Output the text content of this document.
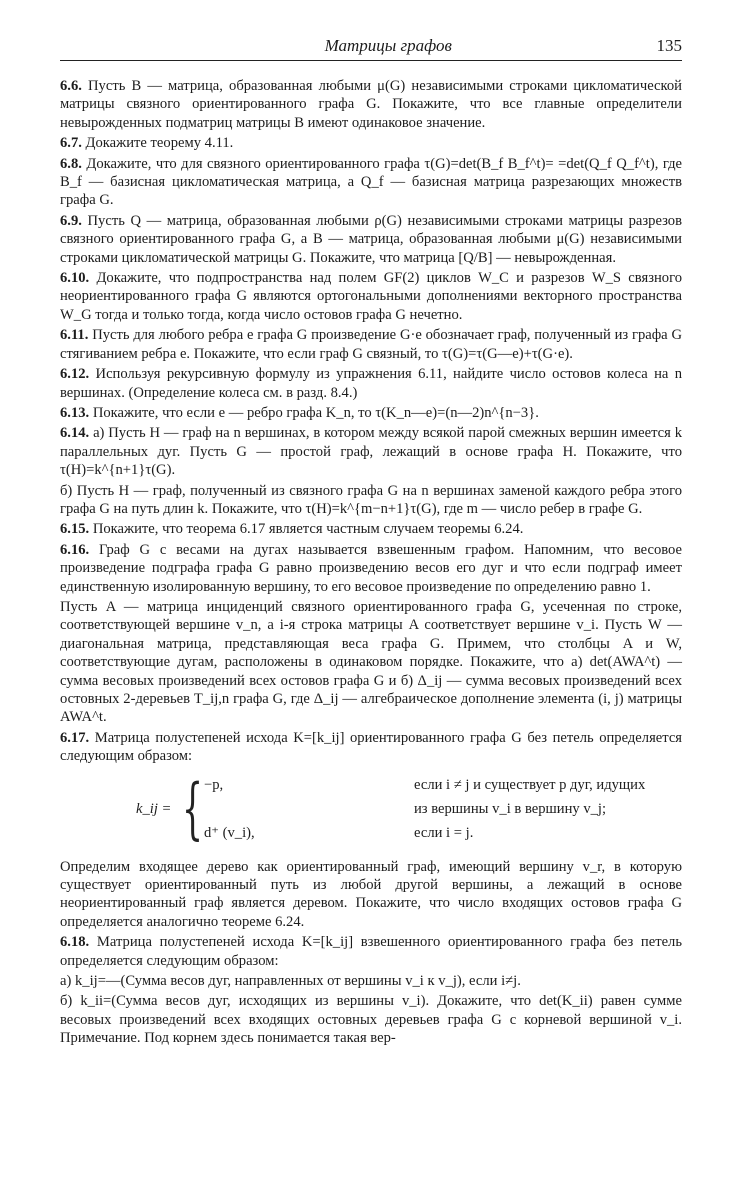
Матрицы графов	135

6.6. Пусть B — матрица, образованная любыми μ(G) независимыми строками цикломатической матрицы связного ориентированного графа G. Покажите, что все главные определители невырожденных подматриц матрицы B имеют одинаковое значение.

6.7. Докажите теорему 4.11.

6.8. Докажите, что для связного ориентированного графа τ(G)=det(B_f B_f^t)= =det(Q_f Q_f^t), где B_f — базисная цикломатическая матрица, а Q_f — базисная матрица разрезающих множеств графа G.

6.9. Пусть Q — матрица, образованная любыми ρ(G) независимыми строками матрицы разрезов связного ориентированного графа G, а B — матрица, образованная любыми μ(G) независимыми строками цикломатической матрицы G. Покажите, что матрица [Q/B] — невырожденная.

6.10. Докажите, что подпространства над полем GF(2) циклов W_C и разрезов W_S связного неориентированного графа G являются ортогональными дополнениями векторного пространства W_G тогда и только тогда, когда число остовов графа G нечетно.

6.11. Пусть для любого ребра e графа G произведение G·e обозначает граф, полученный из графа G стягиванием ребра e. Покажите, что если граф G связный, то τ(G)=τ(G—e)+τ(G·e).

6.12. Используя рекурсивную формулу из упражнения 6.11, найдите число остовов колеса на n вершинах. (Определение колеса см. в разд. 8.4.)

6.13. Покажите, что если e — ребро графа K_n, то τ(K_n—e)=(n—2)n^{n−3}.

6.14. а) Пусть H — граф на n вершинах, в котором между всякой парой смежных вершин имеется k параллельных дуг. Пусть G — простой граф, лежащий в основе графа H. Покажите, что τ(H)=k^{n+1}τ(G).

б) Пусть H — граф, полученный из связного графа G на n вершинах заменой каждого ребра этого графа G на путь длин k. Покажите, что τ(H)=k^{m−n+1}τ(G), где m — число ребер в графе G.

6.15. Покажите, что теорема 6.17 является частным случаем теоремы 6.24.

6.16. Граф G с весами на дугах называется взвешенным графом. Напомним, что весовое произведение подграфа графа G равно произведению весов его дуг и что если подграф имеет единственную изолированную вершину, то его весовое произведение по определению равно 1.

Пусть A — матрица инциденций связного ориентированного графа G, усеченная по строке, соответствующей вершине v_n, а i-я строка матрицы A соответствует вершине v_i. Пусть W — диагональная матрица, представляющая веса графа G. Примем, что столбцы A и W, соответствующие дугам, расположены в одинаковом порядке. Покажите, что а) det(AWA^t) — сумма весовых произведений всех остовов графа G и б) Δ_ij — сумма весовых произведений всех остовных 2-деревьев T_ij,n графа G, где Δ_ij — алгебраическое дополнение элемента (i, j) матрицы AWA^t.

6.17. Матрица полустепеней исхода K=[k_ij] ориентированного графа G без петель определяется следующим образом:

k_ij = { −p,	если i ≠ j и существует p дуг, идущих
из вершины v_i в вершину v_j;
d⁺ (v_i),	если i = j.

Определим входящее дерево как ориентированный граф, имеющий вершину v_r, в которую существует ориентированный путь из любой другой вершины, а лежащий в основе неориентированный граф является деревом. Покажите, что число входящих остовов графа G определяется аналогично теореме 6.24.

6.18. Матрица полустепеней исхода K=[k_ij] взвешенного ориентированного графа без петель определяется следующим образом:

а) k_ij=—(Сумма весов дуг, направленных от вершины v_i к v_j), если i≠j.

б) k_ii=(Сумма весов дуг, исходящих из вершины v_i). Докажите, что det(K_ii) равен сумме весовых произведений всех входящих остовных деревьев графа G с корневой вершиной v_i. Примечание. Под корнем здесь понимается такая вер-
